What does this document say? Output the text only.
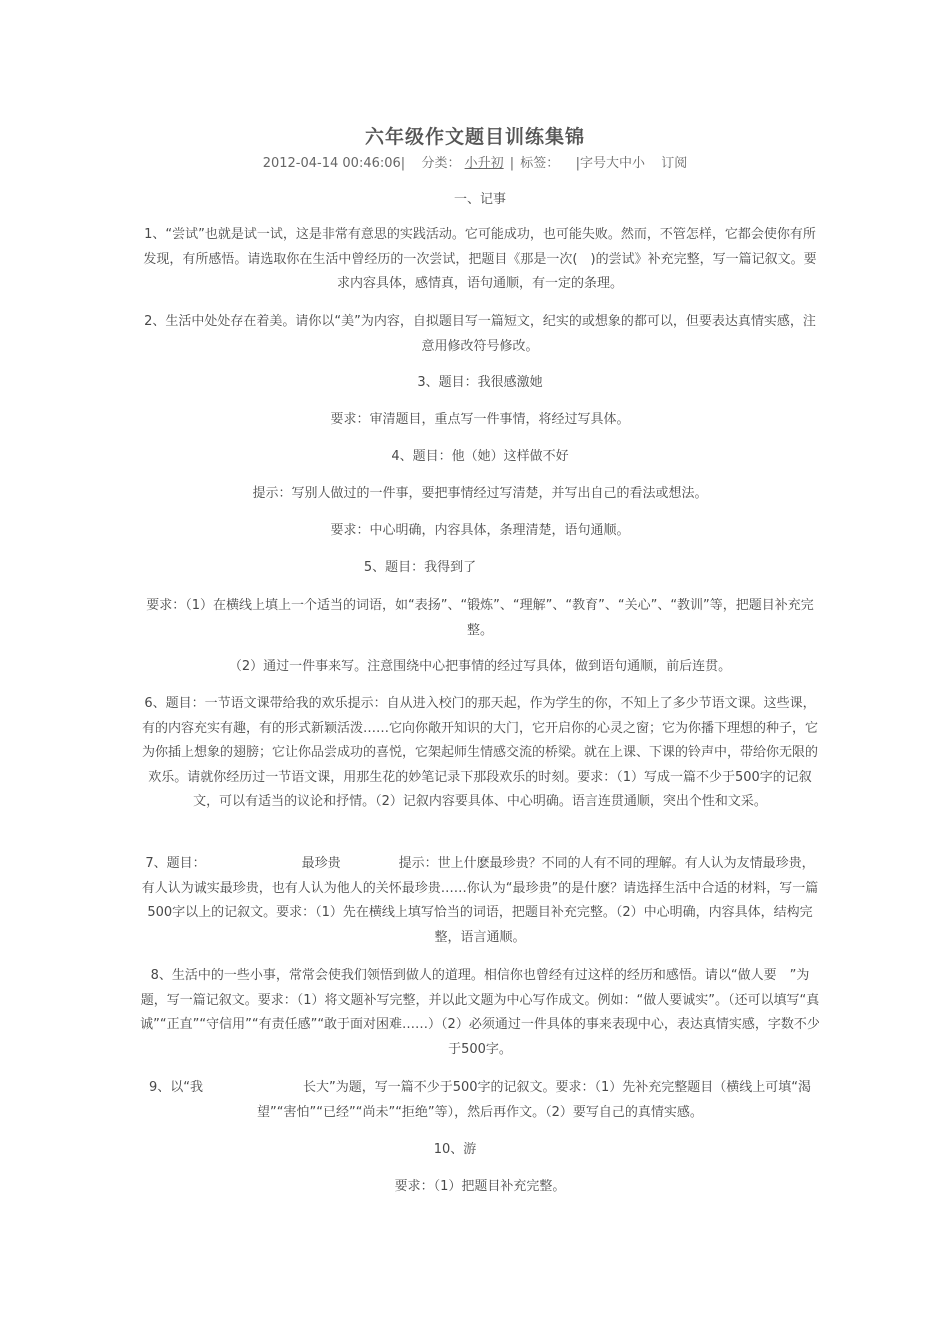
六年级作文题目训练集锦
2012-04-14 00:46:06| 分类： 小升初 | 标签： |字号大中小 订阅

一、记事

1、“尝试”也就是试一试，这是非常有意思的实践活动。它可能成功，也可能失败。然而，不管怎样，它都会使你有所发现，有所感悟。请选取你在生活中曾经历的一次尝试，把题目《那是一次(　)的尝试》补充完整，写一篇记叙文。要求内容具体，感情真，语句通顺，有一定的条理。

2、生活中处处存在着美。请你以“美”为内容，自拟题目写一篇短文，纪实的或想象的都可以，但要表达真情实感，注意用修改符号修改。

3、题目：我很感激她

要求：审清题目，重点写一件事情，将经过写具体。

4、题目：他（她）这样做不好

提示：写别人做过的一件事，要把事情经过写清楚，并写出自己的看法或想法。

要求：中心明确，内容具体，条理清楚，语句通顺。

5、题目：我得到了

要求：（1）在横线上填上一个适当的词语，如“表扬”、“锻炼”、“理解”、“教育”、“关心”、“教训”等，把题目补充完整。

（2）通过一件事来写。注意围绕中心把事情的经过写具体，做到语句通顺，前后连贯。

6、题目：一节语文课带给我的欢乐提示：自从进入校门的那天起，作为学生的你，不知上了多少节语文课。这些课，有的内容充实有趣，有的形式新颖活泼……它向你敞开知识的大门，它开启你的心灵之窗；它为你播下理想的种子，它为你插上想象的翅膀；它让你品尝成功的喜悦，它架起师生情感交流的桥梁。就在上课、下课的铃声中，带给你无限的欢乐。请就你经历过一节语文课，用那生花的妙笔记录下那段欢乐的时刻。要求：（1）写成一篇不少于500字的记叙文，可以有适当的议论和抒情。（2）记叙内容要具体、中心明确。语言连贯通顺，突出个性和文采。

7、题目：	最珍贵	提示：世上什麽最珍贵？不同的人有不同的理解。有人认为友情最珍贵，有人认为诚实最珍贵，也有人认为他人的关怀最珍贵……你认为“最珍贵”的是什麽？请选择生活中合适的材料，写一篇500字以上的记叙文。要求：（1）先在横线上填写恰当的词语，把题目补充完整。（2）中心明确，内容具体，结构完整，语言通顺。

8、生活中的一些小事，常常会使我们领悟到做人的道理。相信你也曾经有过这样的经历和感悟。请以“做人要　”为题，写一篇记叙文。要求：（1）将文题补写完整，并以此文题为中心写作成文。例如：“做人要诚实”。（还可以填写“真诚”“正直”“守信用”“有责任感”“敢于面对困难……）（2）必须通过一件具体的事来表现中心，表达真情实感，字数不少于500字。

9、以“我	长大”为题，写一篇不少于500字的记叙文。要求：（1）先补充完整题目（横线上可填“渴望”“害怕”“已经”“尚未”“拒绝”等），然后再作文。（2）要写自己的真情实感。

10、游

要求：（1）把题目补充完整。
